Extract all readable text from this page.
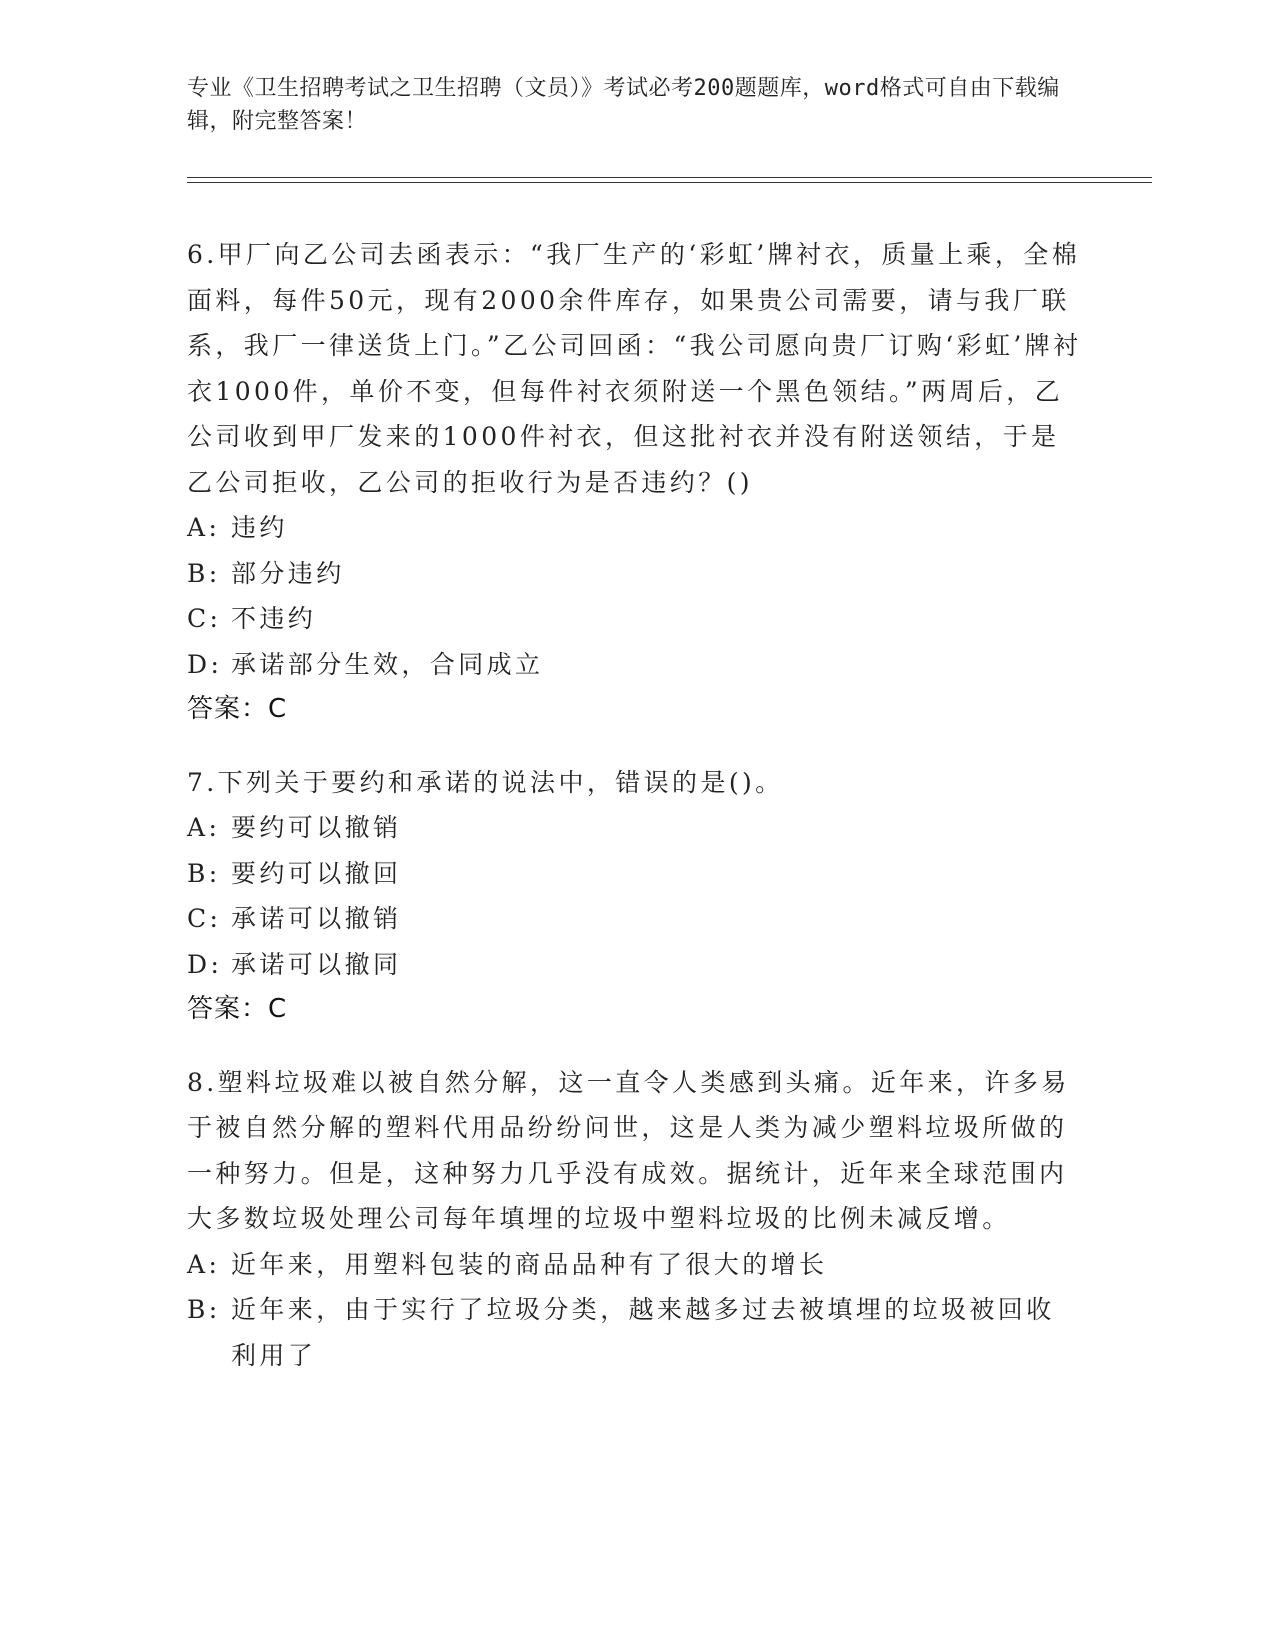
专业《卫生招聘考试之卫生招聘（文员）》考试必考200题题库，word格式可自由下载编辑，附完整答案！

6.甲厂向乙公司去函表示：“我厂生产的‘彩虹’牌衬衣，质量上乘，全棉面料，每件50元，现有2000余件库存，如果贵公司需要，请与我厂联系，我厂一律送货上门。”乙公司回函：“我公司愿向贵厂订购‘彩虹’牌衬衣1000件，单价不变，但每件衬衣须附送一个黑色领结。”两周后，乙公司收到甲厂发来的1000件衬衣，但这批衬衣并没有附送领结，于是乙公司拒收，乙公司的拒收行为是否违约？()

A: 违约
B: 部分违约
C: 不违约
D: 承诺部分生效，合同成立
答案：C

7.下列关于要约和承诺的说法中，错误的是()。

A: 要约可以撤销
B: 要约可以撤回
C: 承诺可以撤销
D: 承诺可以撤同
答案：C

8.塑料垃圾难以被自然分解，这一直令人类感到头痛。近年来，许多易于被自然分解的塑料代用品纷纷问世，这是人类为减少塑料垃圾所做的一种努力。但是，这种努力几乎没有成效。据统计，近年来全球范围内大多数垃圾处理公司每年填埋的垃圾中塑料垃圾的比例未减反增。

A: 近年来，用塑料包装的商品品种有了很大的增长
B: 近年来，由于实行了垃圾分类，越来越多过去被填埋的垃圾被回收利用了
